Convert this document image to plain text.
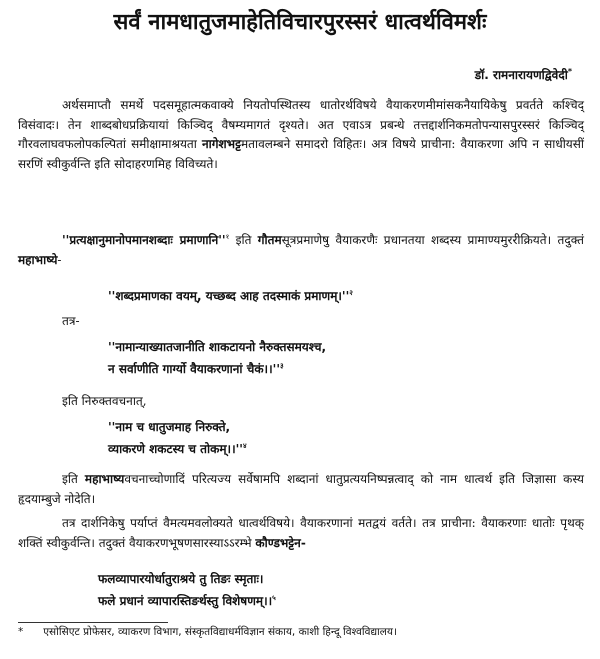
सर्वं नामधातुजमाहेतिविचारपुरस्सरं धात्वर्थविमर्शः
डॉ. रामनारायणद्विवेदी*
अर्थसमाप्तौ समर्थे पदसमूहात्मकवाक्ये नियतोपस्थितस्य धातोरर्थविषये वैयाकरणमीमांसकनैयायिकेषु प्रवर्तते कश्चिद् विसंवादः। तेन शाब्दबोधप्रक्रियायां किञ्चिद् वैषम्यमागतं दृश्यते। अत एवाऽत्र प्रबन्धे तत्तद्दार्शनिकमतोपन्यासपुरस्सरं किञ्चिद् गौरवलाघवफलोपकल्पितां समीक्षामाश्रयता नागेशभट्टमतावलम्बने समादरो विहितः। अत्र विषये प्राचीना: वैयाकरणा अपि न साधीयसीं सरणिं स्वीकुर्वन्ति इति सोदाहरणमिह विविच्यते।
''प्रत्यक्षानुमानोपमानशब्दाः $प्रमाणानि''^१$ इति गौतमसूत्रप्रमाणेषु वैयाकरणैः प्रधानतया शब्दस्य प्रामाण्यमुररीक्रियते। तदुक्तं महाभाष्ये-
''शब्दप्रमाणका वयम्, यच्छब्द आह तदस्माकं $प्रमाणम्।''^२$
तत्र-
''नामान्याख्यातजानीति शाकटायनो नैरुक्तसमयश्च,
न सर्वाणीति गार्ग्यो वैयाकरणानां $चैकं।।''^३$
इति निरुक्तवचनात्,
''नाम च धातुजमाह निरुक्ते,
व्याकरणे शकटस्य च $तोकम्।।''^४$
इति महाभाष्यवचनाच्चोणादिं परित्यज्य सर्वेषामपि शब्दानां धातुप्रत्ययनिष्पन्नत्वाद् को नाम धात्वर्थ इति जिज्ञासा कस्य हृदयाम्बुजे नोदेति।
तत्र दार्शनिकेषु पर्याप्तं वैमत्यमवलोक्यते धात्वर्थविषये। वैयाकरणानां मतद्वयं वर्तते। तत्र प्राचीना: वैयाकरणाः धातोः पृथक् शक्तिं स्वीकुर्वन्ति। तदुक्तं वैयाकरणभूषणसारस्याऽऽरम्भे कौण्डभट्टेन-
फलव्यापारयोर्धातुराश्रये तु तिङः स्मृताः।
फले प्रधानं व्यापारस्तिङर्थस्तु विशेषणम्।।$^५$
* एसोसिएट प्रोफेसर, व्याकरण विभाग, संस्कृतविद्याधर्मविज्ञान संकाय, काशी हिन्दू विश्वविद्यालय।
